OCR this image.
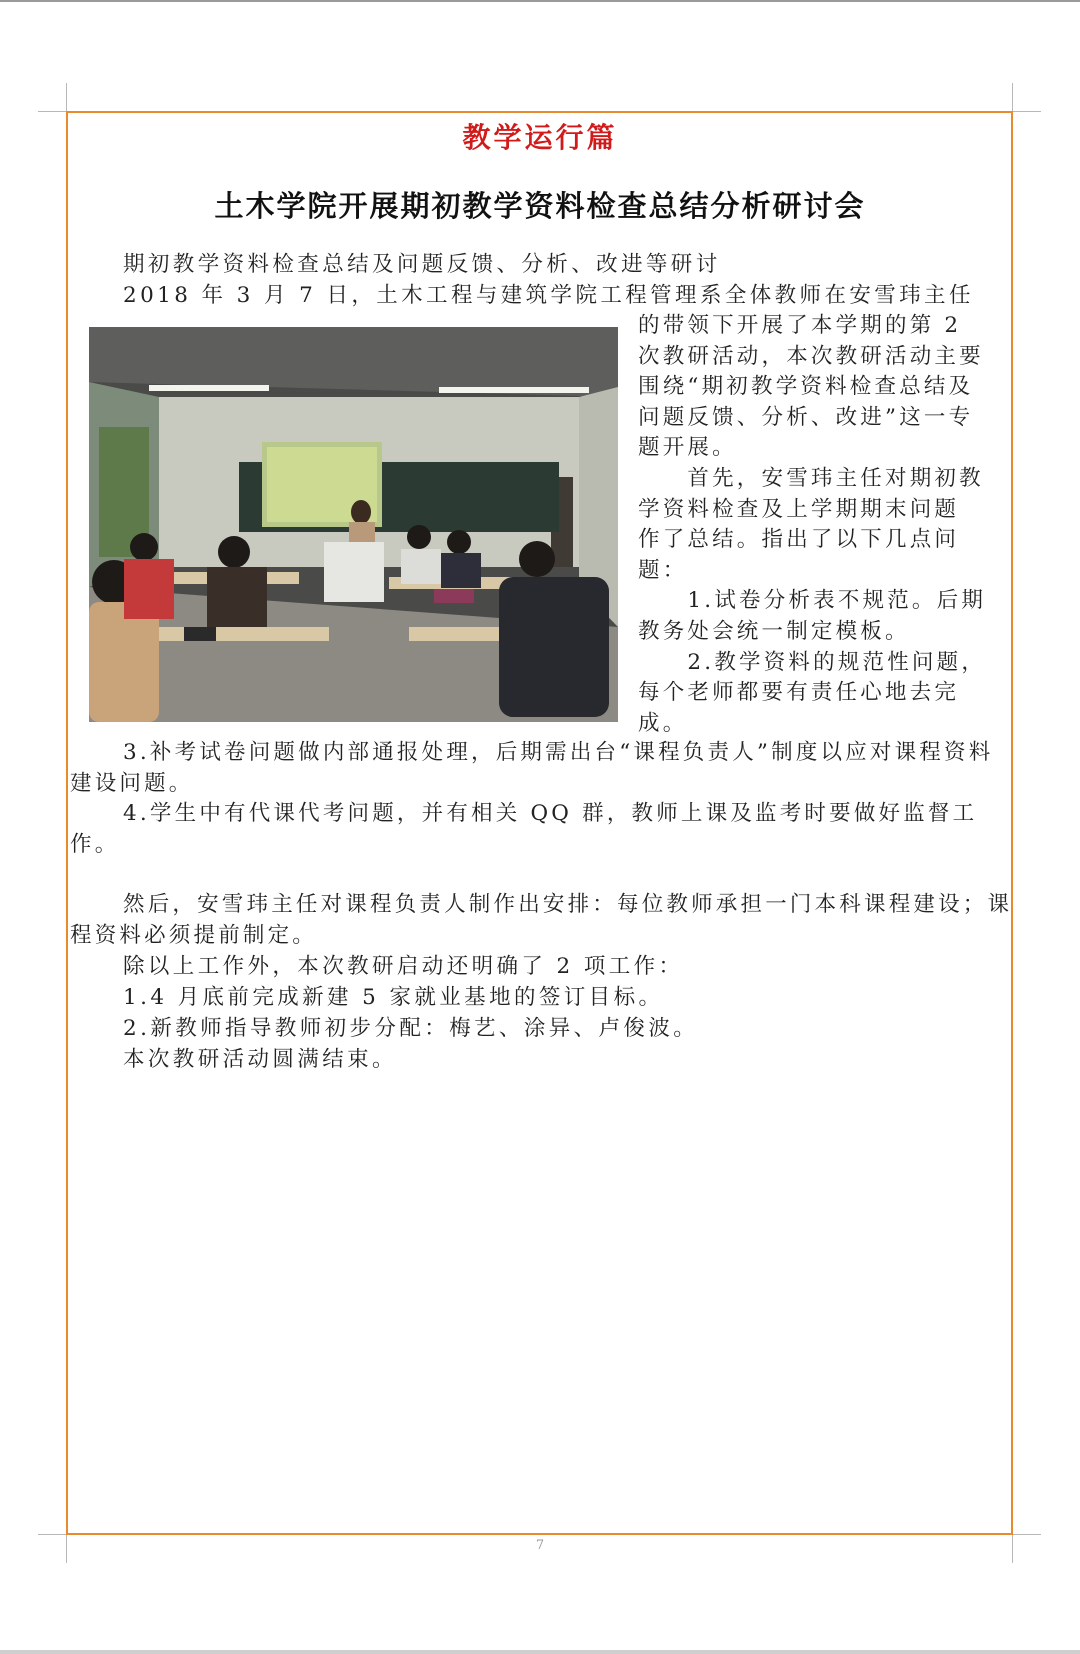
教学运行篇
土木学院开展期初教学资料检查总结分析研讨会
期初教学资料检查总结及问题反馈、分析、改进等研讨
2018 年 3 月 7 日，土木工程与建筑学院工程管理系全体教师在安雪玮主任
的带领下开展了本学期的第 2
次教研活动，本次教研活动主要
围绕“期初教学资料检查总结及
问题反馈、分析、改进”这一专
题开展。
　　首先，安雪玮主任对期初教
学资料检查及上学期期末问题
作了总结。指出了以下几点问
题：
　　1.试卷分析表不规范。后期
教务处会统一制定模板。
　　2.教学资料的规范性问题，
每个老师都要有责任心地去完
成。
3.补考试卷问题做内部通报处理，后期需出台“课程负责人”制度以应对课程资料建设问题。
4.学生中有代课代考问题，并有相关 QQ 群，教师上课及监考时要做好监督工作。
然后，安雪玮主任对课程负责人制作出安排：每位教师承担一门本科课程建设；课程资料必须提前制定。
除以上工作外，本次教研启动还明确了 2 项工作：
1.4 月底前完成新建 5 家就业基地的签订目标。
2.新教师指导教师初步分配：梅艺、涂异、卢俊波。
本次教研活动圆满结束。
7
